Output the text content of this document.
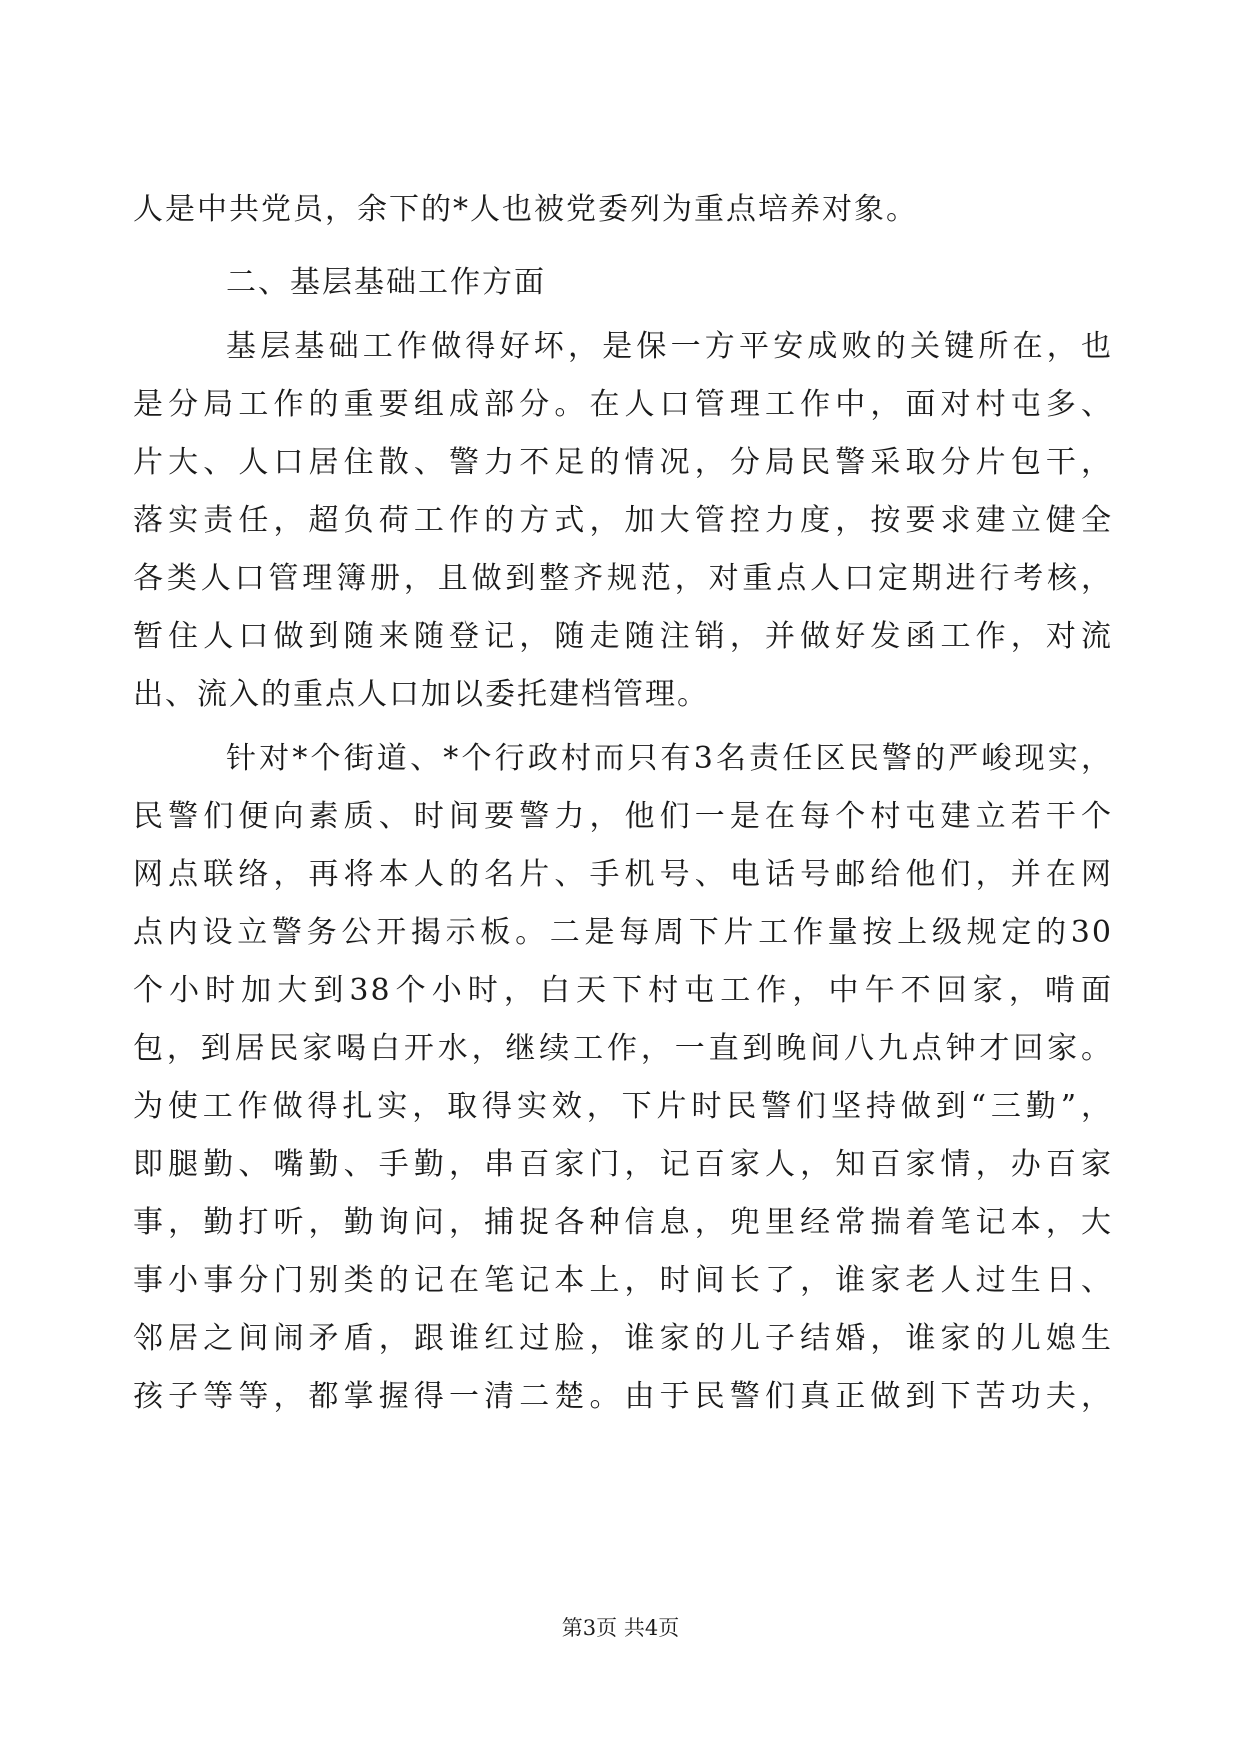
人是中共党员，余下的*人也被党委列为重点培养对象。
二、基层基础工作方面
基层基础工作做得好坏，是保一方平安成败的关键所在，也
是分局工作的重要组成部分。在人口管理工作中，面对村屯多、
片大、人口居住散、警力不足的情况，分局民警采取分片包干，
落实责任，超负荷工作的方式，加大管控力度，按要求建立健全
各类人口管理簿册，且做到整齐规范，对重点人口定期进行考核，
暂住人口做到随来随登记，随走随注销，并做好发函工作，对流
出、流入的重点人口加以委托建档管理。
针对*个街道、*个行政村而只有3名责任区民警的严峻现实，
民警们便向素质、时间要警力，他们一是在每个村屯建立若干个
网点联络，再将本人的名片、手机号、电话号邮给他们，并在网
点内设立警务公开揭示板。二是每周下片工作量按上级规定的30
个小时加大到38个小时，白天下村屯工作，中午不回家，啃面
包，到居民家喝白开水，继续工作，一直到晚间八九点钟才回家。
为使工作做得扎实，取得实效，下片时民警们坚持做到“三勤”，
即腿勤、嘴勤、手勤，串百家门，记百家人，知百家情，办百家
事，勤打听，勤询问，捕捉各种信息，兜里经常揣着笔记本，大
事小事分门别类的记在笔记本上，时间长了，谁家老人过生日、
邻居之间闹矛盾，跟谁红过脸，谁家的儿子结婚，谁家的儿媳生
孩子等等，都掌握得一清二楚。由于民警们真正做到下苦功夫，
第3页 共4页
